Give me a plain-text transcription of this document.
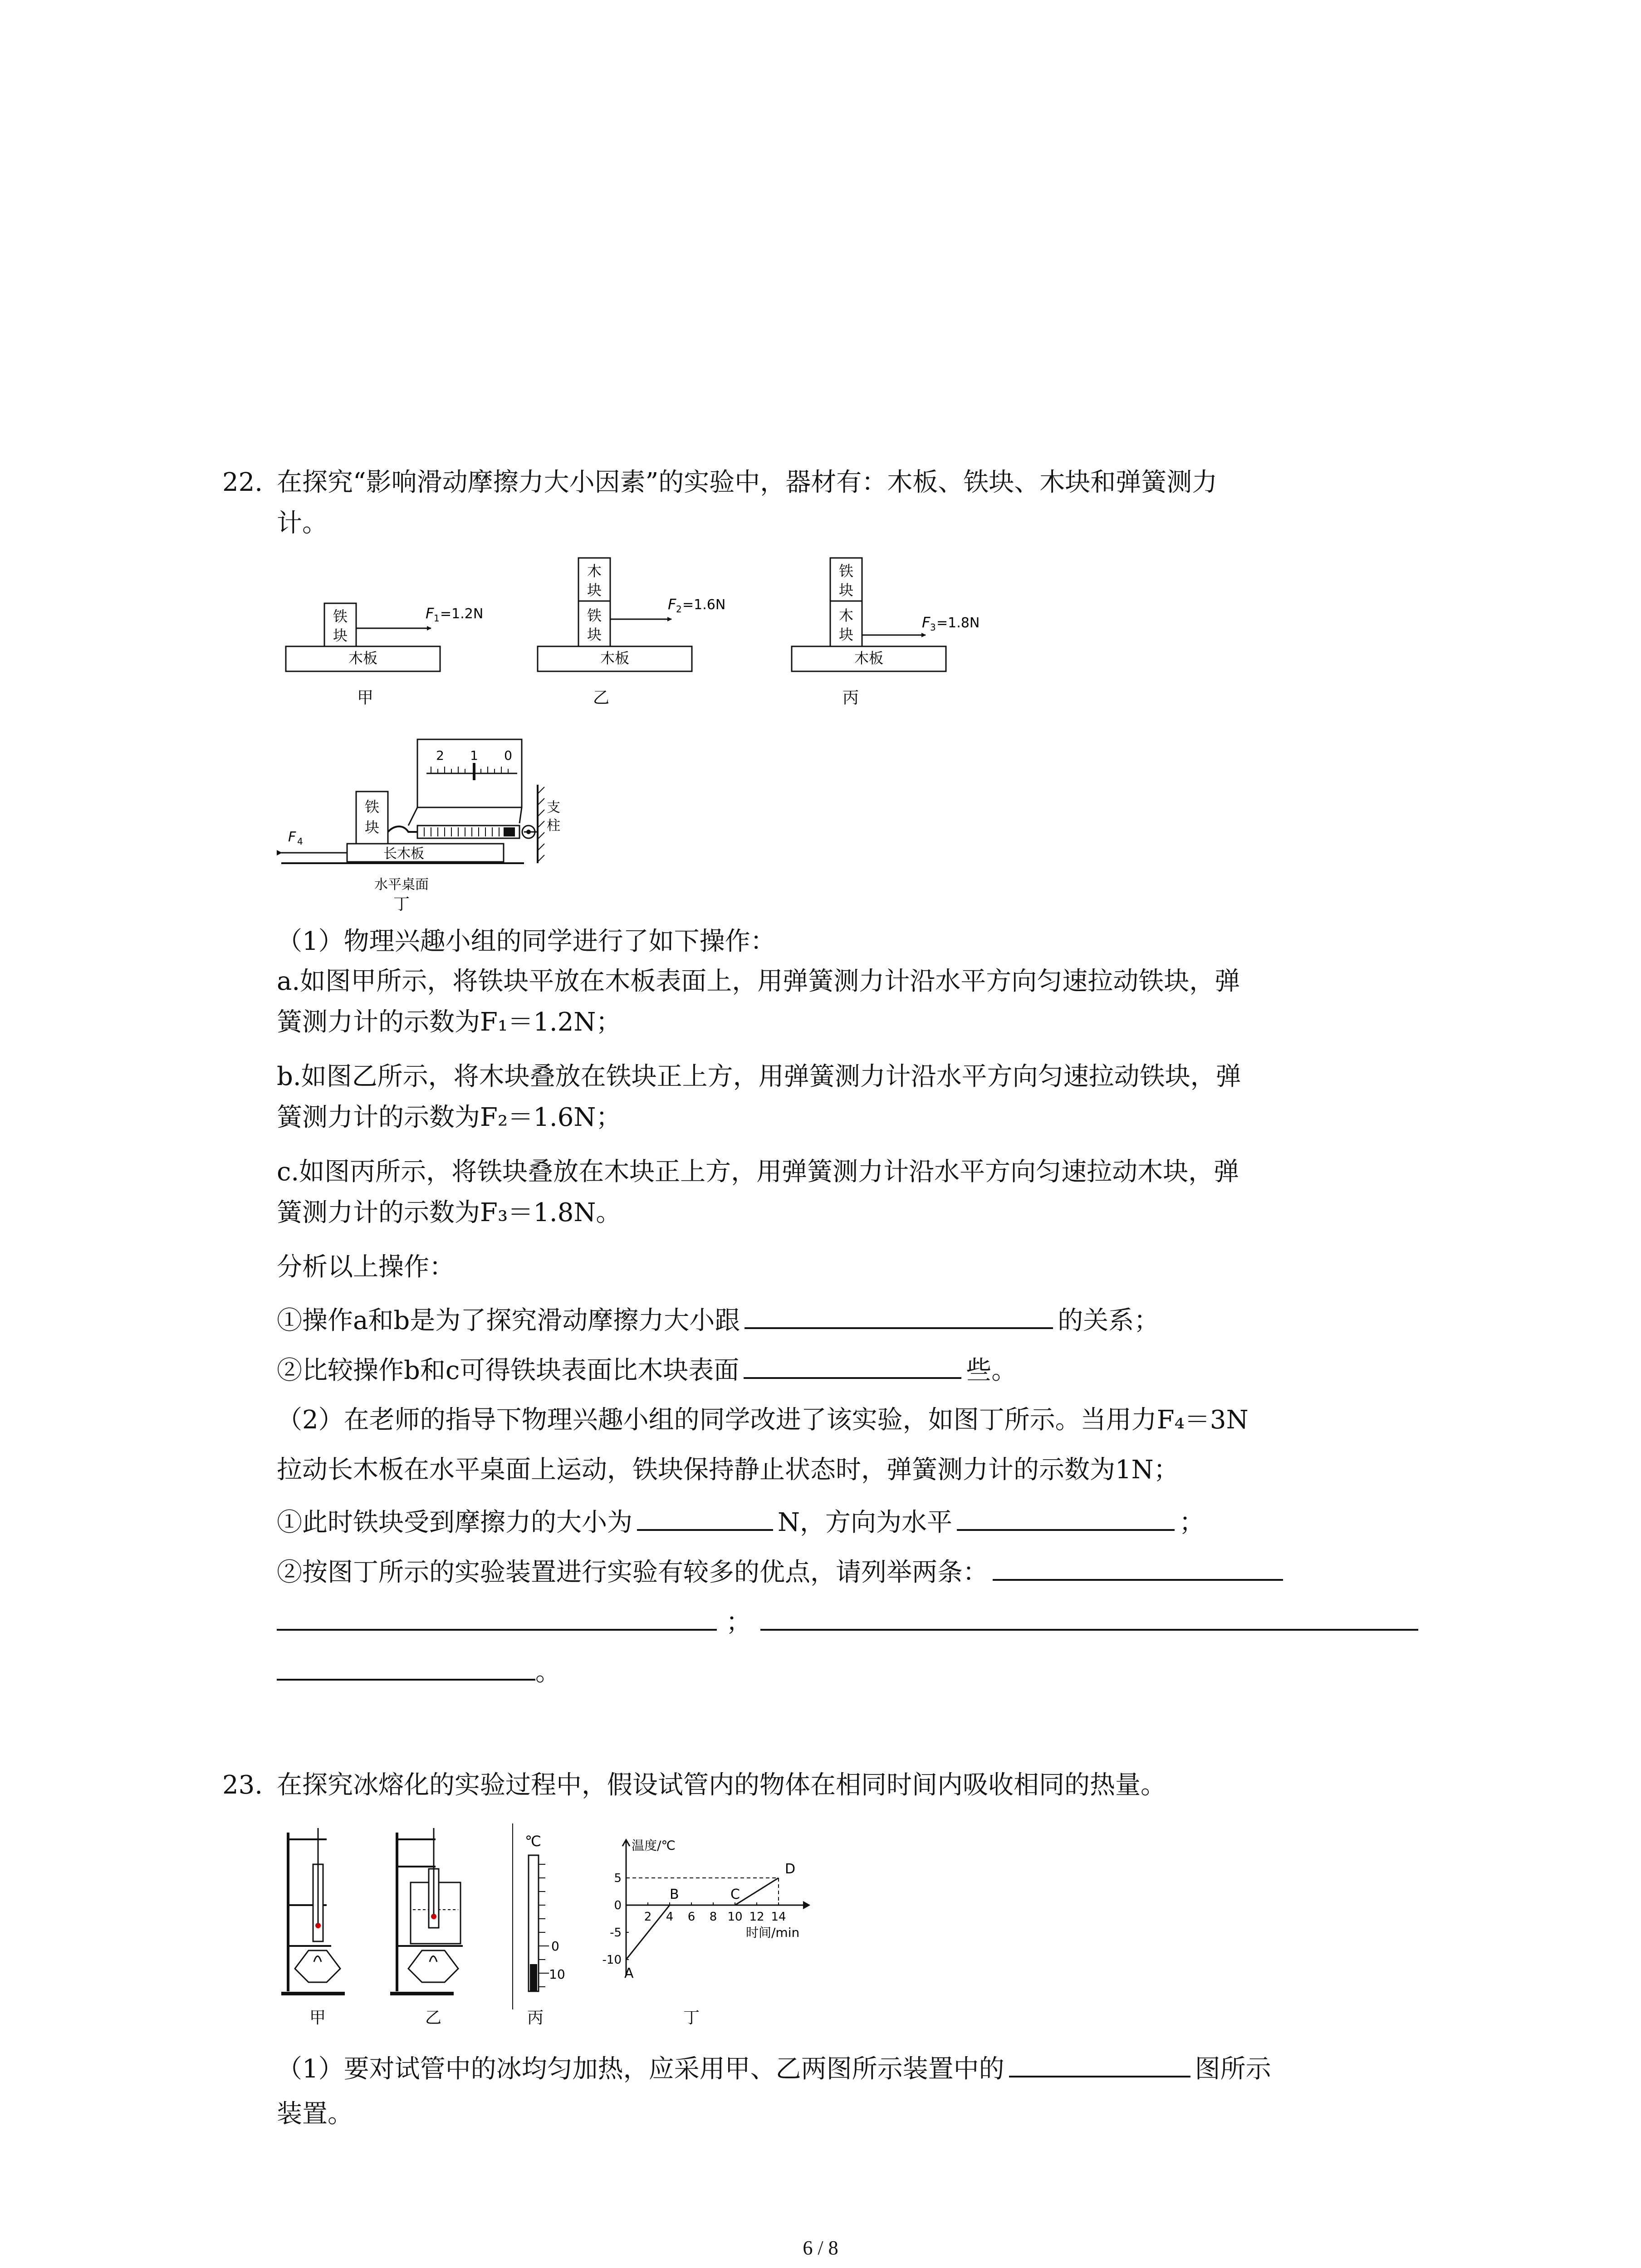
22. 在探究“影响滑动摩擦力大小因素”的实验中，器材有：木板、铁块、木块和弹簧测力
计。
木板
铁
块
F 1 =1.2N
甲
木板
木
块
铁
块
F 2 =1.6N
乙
木板
铁
块
木
块
F 3 =1.8N
丙
2 1 0
铁
块
长木板
F 4
支
柱
水平桌面
丁
（1）物理兴趣小组的同学进行了如下操作：
a.如图甲所示，将铁块平放在木板表面上，用弹簧测力计沿水平方向匀速拉动铁块，弹
簧测力计的示数为F₁＝1.2N；
b.如图乙所示，将木块叠放在铁块正上方，用弹簧测力计沿水平方向匀速拉动铁块，弹
簧测力计的示数为F₂＝1.6N；
c.如图丙所示，将铁块叠放在木块正上方，用弹簧测力计沿水平方向匀速拉动木块，弹
簧测力计的示数为F₃＝1.8N。
分析以上操作：
①操作a和b是为了探究滑动摩擦力大小跟	的关系；
②比较操作b和c可得铁块表面比木块表面	些。
（2）在老师的指导下物理兴趣小组的同学改进了该实验，如图丁所示。当用力F₄＝3N
拉动长木板在水平桌面上运动，铁块保持静止状态时，弹簧测力计的示数为1N；
①此时铁块受到摩擦力的大小为	N，方向为水平	；
②按图丁所示的实验装置进行实验有较多的优点，请列举两条：
；
。
23. 在探究冰熔化的实验过程中，假设试管内的物体在相同时间内吸收相同的热量。
甲	乙
℃
0
10
丙
温度/℃
时间/min
2 4 6 8 10 12 14
5
0
-5
-10
A
B	C
D
丁
（1）要对试管中的冰均匀加热，应采用甲、乙两图所示装置中的	图所示
装置。
6 / 8
